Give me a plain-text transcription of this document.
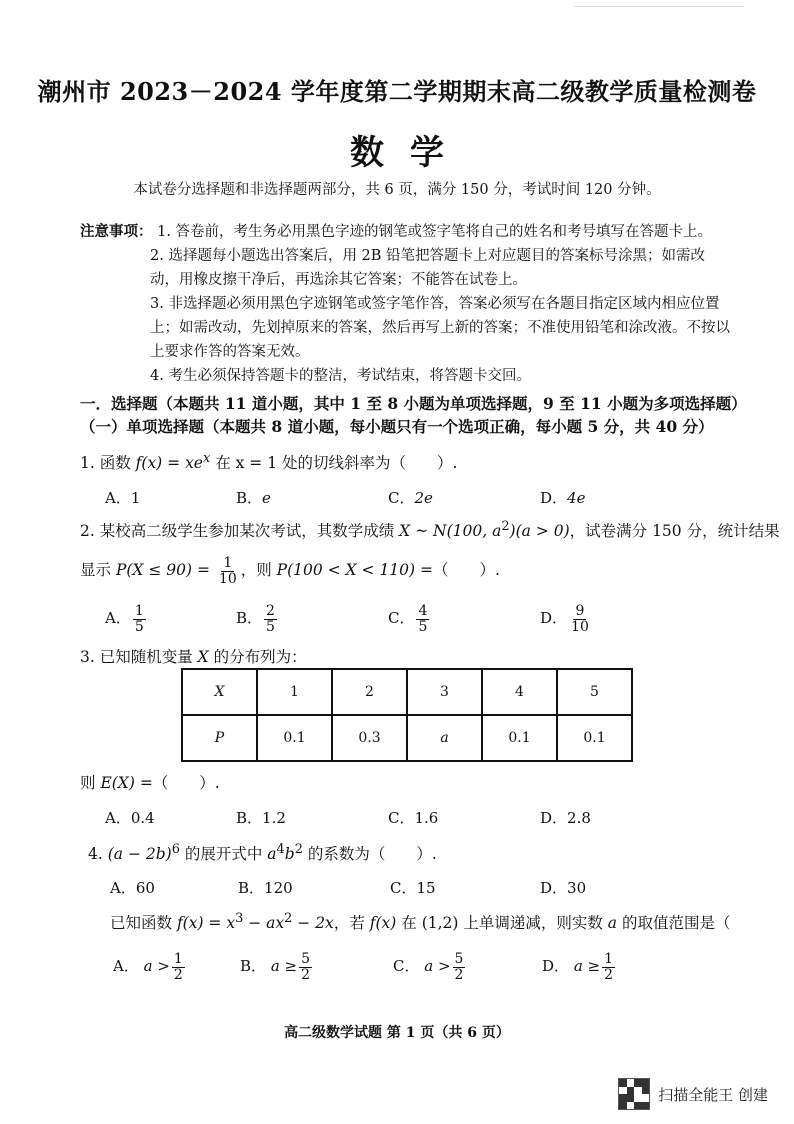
潮州市 2023－2024 学年度第二学期期末高二级教学质量检测卷
数学
本试卷分选择题和非选择题两部分，共 6 页，满分 150 分，考试时间 120 分钟。
注意事项： 1. 答卷前，考生务必用黑色字迹的钢笔或签字笔将自己的姓名和考号填写在答题卡上。
2. 选择题每小题选出答案后，用 2B 铅笔把答题卡上对应题目的答案标号涂黑；如需改动，用橡皮擦干净后，再选涂其它答案；不能答在试卷上。
3. 非选择题必须用黑色字迹钢笔或签字笔作答，答案必须写在各题目指定区域内相应位置上；如需改动，先划掉原来的答案，然后再写上新的答案；不准使用铅笔和涂改液。不按以上要求作答的答案无效。
4. 考生必须保持答题卡的整洁，考试结束，将答题卡交回。
一．选择题（本题共 11 道小题，其中 1 至 8 小题为单项选择题，9 至 11 小题为多项选择题）
（一）单项选择题（本题共 8 道小题，每小题只有一个选项正确，每小题 5 分，共 40 分）
1. 函数 $f(x) = xe^x$ 在 x = 1 处的切线斜率为（　　）.
A．1	B．e	C．2e	D．4e
2. 某校高二级学生参加某次考试，其数学成绩 X ~ N(100, $a^2)(a > 0)$，试卷满分 150 分，统计结果
显示 $P(X \le 90) = \frac{1}{10}$ ，则 P(100 < X < 110) =（　　）.
A． $\frac{1}{5}$	B． $\frac{2}{5}$	C． $\frac{4}{5}$	D． $\frac{9}{10}$
3. 已知随机变量 X 的分布列为：
X	1	2	3	4	5
P	0.1	0.3	a	0.1	0.1
则 E(X) =（　　）.
A．0.4	B．1.2	C．1.6	D．2.8
4. $(a - 2b)^6$ 的展开式中 $a^4b^2$ 的系数为（　　）.
A．60	B．120	C．15	D．30
已知函数 $f(x) = x^3 - ax^2 - 2x$，若 f(x) 在 (1,2) 上单调递减，则实数 a 的取值范围是（
A． $a > \frac{1}{2}$	B． $a \ge \frac{5}{2}$	C． $a > \frac{5}{2}$	D． $a \ge \frac{1}{2}$
高二级数学试题 第 1 页（共 6 页）
扫描全能王 创建
